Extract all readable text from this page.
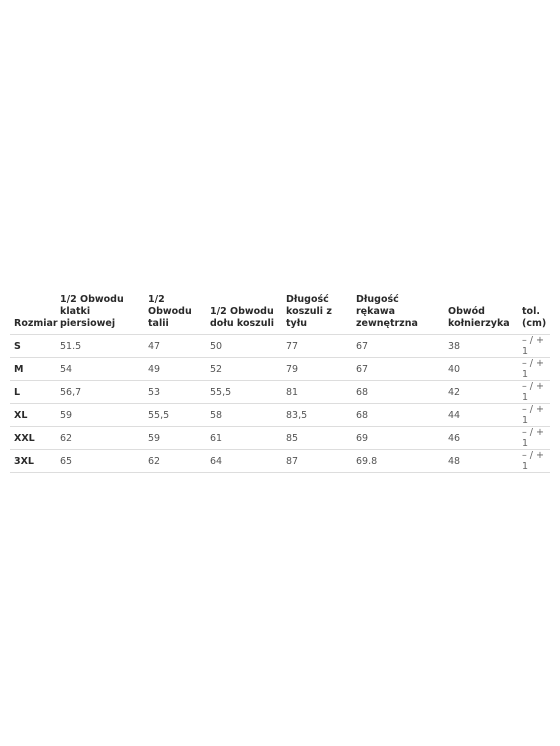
Rozmiar	1/2 Obwodu klatki piersiowej	1/2 Obwodu talii	1/2 Obwodu dołu koszuli	Długość koszuli z tyłu	Długość rękawa zewnętrzna	Obwód kołnierzyka	tol. (cm)
S	51.5	47	50	77	67	38	– / + 1
M	54	49	52	79	67	40	– / + 1
L	56,7	53	55,5	81	68	42	– / + 1
XL	59	55,5	58	83,5	68	44	– / + 1
XXL	62	59	61	85	69	46	– / + 1
3XL	65	62	64	87	69.8	48	– / + 1
